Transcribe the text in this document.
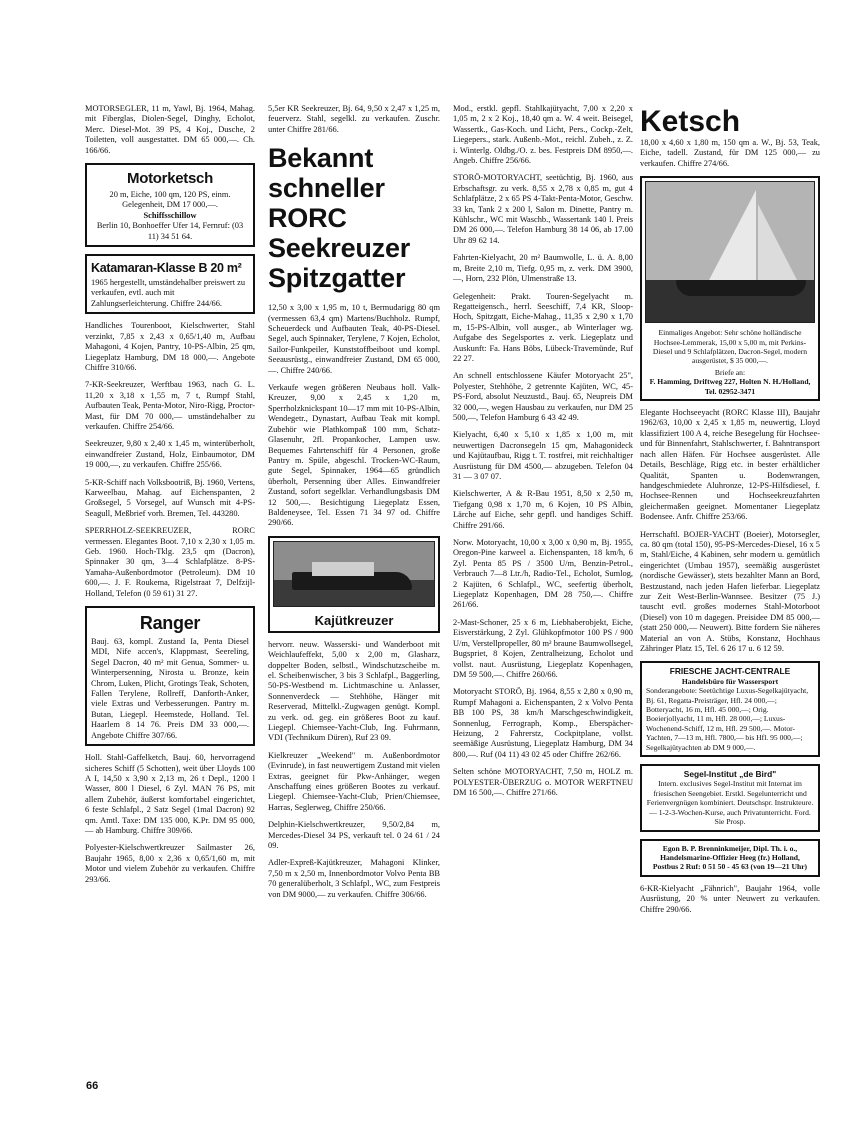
MOTORSEGLER, 11 m, Yawl, Bj. 1964, Mahag. mit Fiberglas, Diolen-Segel, Dinghy, Echolot, Merc. Diesel-Mot. 39 PS, 4 Koj., Dusche, 2 Toiletten, voll ausgestattet. DM 65 000,—. Ch. 166/66.

Motorketsch
20 m, Eiche, 100 qm, 120 PS, einm. Gelegenheit, DM 17 000,—.
Schiffsschillow
Berlin 10, Bonhoeffer Ufer 14, Fernruf: (03 11) 34 51 64.
Katamaran-Klasse B 20 m²
1965 hergestellt, umständehalber preiswert zu verkaufen, evtl. auch mit Zahlungserleichterung. Chiffre 244/66.

Handliches Tourenboot, Kielschwerter, Stahl verzinkt, 7,85 x 2,43 x 0,65/1,40 m, Aufbau Mahagoni, 4 Kojen, Pantry, 10-PS-Albin, 25 qm, Liegeplatz Hamburg, DM 18 000,—. Angebote Chiffre 310/66.

7-KR-Seekreuzer, Werftbau 1963, nach G. L. 11,20 x 3,18 x 1,55 m, 7 t, Rumpf Stahl, Aufbauten Teak, Penta-Motor, Niro-Rigg, Proctor-Mast, für DM 70 000,— umständehalber zu verkaufen. Chiffre 254/66.

Seekreuzer, 9,80 x 2,40 x 1,45 m, winterüberholt, einwandfreier Zustand, Holz, Einbaumotor, DM 19 000,—, zu verkaufen. Chiffre 255/66.

5-KR-Schiff nach Volksbootriß, Bj. 1960, Vertens, Karweelbau, Mahag. auf Eichenspanten, 2 Großsegel, 5 Vorsegel, auf Wunsch mit 4-PS-Seagull, Meßbrief vorh. Bremen, Tel. 443280.

SPERRHOLZ-SEEKREUZER, RORC vermessen. Elegantes Boot. 7,10 x 2,30 x 1,05 m. Geb. 1960. Hoch-Tklg. 23,5 qm (Dacron), Spinnaker 30 qm, 3—4 Schlafplätze. 8-PS-Yamaha-Außenbordmotor (Petroleum). DM 10 600,—. J. F. Roukema, Rigelstraat 7, Delfzijl-Holland, Telefon (0 59 61) 31 27.

Ranger
Bauj. 63, kompl. Zustand Ia, Penta Diesel MDI, Nife accen's, Klappmast, Seereling, Segel Dacron, 40 m² mit Genua, Sommer- u. Winterpersenning, Nirosta u. Bronze, kein Chrom, Luken, Plicht, Grotings Teak, Schoten, Fallen Terylene, Rollreff, Danforth-Anker, viele Extras und Verbesserungen. Pantry m. Butan, Liegepl. Heemstede, Holland. Tel. Haarlem 8 14 76. Preis DM 33 000,—. Angebote Chiffre 307/66.

Holl. Stahl-Gaffelketch, Bauj. 60, hervorragend sicheres Schiff (5 Schotten), weit über Lloyds 100 A I, 14,50 x 3,90 x 2,13 m, 26 t Depl., 1200 l Wasser, 800 l Diesel, 6 Zyl. MAN 76 PS, mit allem Zubehör, äußerst komfortabel eingerichtet, 6 feste Schlafpl., 2 Satz Segel (1mal Dacron) 92 qm. Amtl. Taxe: DM 135 000, K.Pr. DM 95 000,— ab Hamburg. Chiffre 309/66.

Polyester-Kielschwertkreuzer Sailmaster 26, Baujahr 1965, 8,00 x 2,36 x 0,65/1,60 m, mit Motor und vielem Zubehör zu verkaufen. Chiffre 293/66.

5,5er KR Seekreuzer, Bj. 64, 9,50 x 2,47 x 1,25 m, feuerverz. Stahl, segelkl. zu verkaufen. Zuschr. unter Chiffre 281/66.

Bekannt schneller RORC Seekreuzer Spitzgatter

12,50 x 3,00 x 1,95 m, 10 t, Bermudarigg 80 qm (vermessen 63,4 qm) Martens/Buchholz. Rumpf, Scheuerdeck und Aufbauten Teak, 40-PS-Diesel. Segel, auch Spinnaker, Terylene, 7 Kojen, Echolot, Sailor-Funkpeiler, Kunststoffbeiboot und kompl. Seeausrüstg., einwandfreier Zustand, DM 65 000,—. Chiffre 240/66.

Verkaufe wegen größeren Neubaus holl. Valk-Kreuzer, 9,00 x 2,45 x 1,20 m, Sperrholzknickspant 10—17 mm mit 10-PS-Albin, Wendegetr., Dynastart, Aufbau Teak mit kompl. Zubehör wie Plathkompaß 100 mm, Schatz-Glasenuhr, 2fl. Propankocher, Lampen usw. Bequemes Fahrtenschiff für 4 Personen, große Pantry m. Spüle, abgeschl. Trocken-WC-Raum, gute Segel, Spinnaker, 1964—65 gründlich überholt, Persenning über Alles. Einwandfreier Zustand, sofort segelklar. Verhandlungsbasis DM 12 500,—. Besichtigung Liegeplatz Essen, Baldeneysee, Tel. Essen 71 34 97 od. Chiffre 290/66.

Kajütkreuzer

hervorr. neuw. Wasserski- und Wanderboot mit Weichlaufeffekt, 5,00 x 2,00 m, Glasharz, doppelter Boden, selbstl., Windschutzscheibe m. el. Scheibenwischer, 3 bis 3 Schlafpl., Baggerling, 50-PS-Westbend m. Lichtmaschine u. Anlasser, Sonnenverdeck — Stehhöhe, Hänger mit Reserverad, Mittelkl.-Zugwagen genügt. Kompl. zu verk. od. geg. ein größeres Boot zu kauf. Liegepl. Chiemsee-Yacht-Club, Ing. Fuhrmann, VDI (Technikum Düren), Ruf 23 09.

Kielkreuzer „Weekend" m. Außenbordmotor (Evinrude), in fast neuwertigem Zustand mit vielen Extras, geeignet für Pkw-Anhänger, wegen Anschaffung eines größeren Bootes zu verkauf. Liegepl. Chiemsee-Yacht-Club, Prien/Chiemsee, Harras, Seglerweg, Chiffre 250/66.

Delphin-Kielschwertkreuzer, 9,50/2,84 m, Mercedes-Diesel 34 PS, verkauft tel. 0 24 61 / 24 09.

Adler-Expreß-Kajütkreuzer, Mahagoni Klinker, 7,50 m x 2,50 m, Innenbordmotor Volvo Penta BB 70 generalüberholt, 3 Schlafpl., WC, zum Festpreis von DM 9000,— zu verkaufen. Chiffre 306/66.

Mod., erstkl. gepfl. Stahlkajütyacht, 7,00 x 2,20 x 1,05 m, 2 x 2 Koj., 18,40 qm a. W. 4 weit. Beisegel, Wassertk., Gas-Koch. und Licht, Pers., Cockp.-Zelt, Liegepers., stark. Außenb.-Mot., reichl. Zubeh., z. Z. i. Winterlg. Oldbg./O. z. bes. Festpreis DM 8950,—. Angeb. Chiffre 256/66.

STORÖ-MOTORYACHT, seetüchtig, Bj. 1960, aus Erbschaftsgr. zu verk. 8,55 x 2,78 x 0,85 m, gut 4 Schlafplätze, 2 x 65 PS 4-Takt-Penta-Motor, Geschw. 33 kn, Tank 2 x 200 l, Salon m. Dinette, Pantry m. Kühlschr., WC mit Waschb., Wassertank 140 l. Preis DM 26 000,—. Telefon Hamburg 38 14 06, ab 17.00 Uhr 89 62 14.

Fahrten-Kielyacht, 20 m² Baumwolle, L. ü. A. 8,00 m, Breite 2,10 m, Tiefg. 0,95 m, z. verk. DM 3900,—, Horn, 232 Plön, Ulmenstraße 13.

Gelegenheit: Prakt. Touren-Segelyacht m. Regatteigensch., herrl. Seeschiff, 7,4 KR, Sloop-Hoch, Spitzgatt, Eiche-Mahag., 11,35 x 2,90 x 1,70 m, 15-PS-Albin, voll ausger., ab Winterlager wg. Aufgabe des Segelsportes z. verk. Liegeplatz und Auskunft: Fa. Hans Böbs, Lübeck-Travemünde, Ruf 22 27.

An schnell entschlossene Käufer Motoryacht 25", Polyester, Stehhöhe, 2 getrennte Kajüten, WC, 45-PS-Ford, absolut Neuzustd., Bauj. 65, Neupreis DM 32 000,—, wegen Hausbau zu verkaufen, nur DM 25 500,—, Telefon Hamburg 6 43 42 49.

Kielyacht, 6,40 x 5,10 x 1,85 x 1,00 m, mit neuwertigen Dacronsegeln 15 qm, Mahagonideck und Kajütaufbau, Rigg t. T. rostfrei, mit reichhaltiger Ausrüstung für DM 4500,— abzugeben. Telefon 04 31 — 3 07 07.

Kielschwerter, A & R-Bau 1951, 8,50 x 2,50 m, Tiefgang 0,98 x 1,70 m, 6 Kojen, 10 PS Albin, Lärche auf Eiche, sehr gepfl. und handiges Schiff. Chiffre 291/66.

Norw. Motoryacht, 10,00 x 3,00 x 0,90 m, Bj. 1955, Oregon-Pine karweel a. Eichenspanten, 18 km/h, 6 Zyl. Penta 85 PS / 3500 U/m, Benzin-Petrol., Verbrauch 7—8 Ltr./h, Radio-Tel., Echolot, Sumlog, 2 Kajüten, 6 Schlafpl., WC, seefertig überholt, Liegeplatz Kopenhagen, DM 28 750,—. Chiffre 261/66.

2-Mast-Schoner, 25 x 6 m, Liebhaberobjekt, Eiche, Eisverstärkung, 2 Zyl. Glühkopfmotor 100 PS / 900 U/m, Verstellpropeller, 80 m² braune Baumwollsegel, Bugspriet, 8 Kojen, Zentralheizung, Echolot und vollst. naut. Ausrüstung, Liegeplatz Kopenhagen, DM 59 500,—. Chiffre 260/66.

Motoryacht STORÖ, Bj. 1964, 8,55 x 2,80 x 0,90 m, Rumpf Mahagoni a. Eichenspanten, 2 x Volvo Penta BB 100 PS, 38 km/h Marschgeschwindigkeit, Sonnenlug, Ferrograph, Komp., Eberspächer-Heizung, 2 Fahrerstz, Cockpitplane, vollst. seemäßige Ausrüstung, Liegeplatz Hamburg, DM 34 800,—. Ruf (04 11) 43 02 45 oder Chiffre 262/66.

Selten schöne MOTORYACHT, 7,50 m, HOLZ m. POLYESTER-ÜBERZUG o. MOTOR WERFTNEU DM 16 500,—. Chiffre 271/66.

Ketsch

18,00 x 4,60 x 1,80 m, 150 qm a. W., Bj. 53, Teak, Eiche, tadell. Zustand, für DM 125 000,— zu verkaufen. Chiffre 274/66.

Einmaliges Angebot: Sehr schöne holländische Hochsee-Lemmerak, 15,00 x 5,00 m, mit Perkins-Diesel und 9 Schlafplätzen, Dacron-Segel, modern ausgerüstet, $ 35 000,—.
Briefe an:
F. Hamming, Driftweg 227, Holten N. H./Holland, Tel. 02952-3471

Elegante Hochseeyacht (RORC Klasse III), Baujahr 1962/63, 10,00 x 2,45 x 1,85 m, neuwertig, Lloyd klassifiziert 100 A 4, reiche Besegelung für Hochsee- und für Binnenfahrt, Stahlschwerter, f. Bahntransport nach allen Häfen. Für Hochsee ausgerüstet. Alle Details, Beschläge, Rigg etc. in bester erhältlicher Qualität, Spanten u. Bodenwrangen, handgeschmiedete Aluhronze, 12-PS-Hilfsdiesel, f. Hochsee-Rennen und Hochseekreuzfahrten gleichermaßen geeignet. Momentaner Liegeplatz Bodensee. Anfr. Chiffre 253/66.

Herrschaftl. BOJER-YACHT (Boeier), Motorsegler, ca. 80 qm (total 150), 95-PS-Mercedes-Diesel, 16 x 5 m, Stahl/Eiche, 4 Kabinen, sehr modern u. gemütlich eingerichtet (Umbau 1957), seemäßig ausgerüstet (nordische Gewässer), stets bezahlter Mann an Bord, Bestzustand, nach jeden Hafen lieferbar. Liegeplatz zur Zeit West-Berlin-Wannsee. Besitzer (75 J.) tauscht evtl. großes modernes Stahl-Motorboot (Diesel) von 10 m dagegen. Preisidee DM 85 000,— (statt 250 000,— Neuwert). Bitte fordern Sie näheres Material an von A. Stübs, Konstanz, Hochhaus Zähringer Platz 15, Tel. 6 26 17 u. 6 12 59.

FRIESCHE JACHT-CENTRALE
Handelsbüro für Wassersport
Sonderangebote: Seetüchtige Luxus-Segelkajütyacht, Bj. 61, Regatta-Preisträger, Hfl. 24 000,—; Botteryacht, 16 m, Hfl. 45 000,—; Orig. Boeierjollyacht, 11 m, Hfl. 28 000,—; Luxus-Wochenend-Schiff, 12 m, Hfl. 29 500,—. Motor-Yachten, 7—13 m, Hfl. 7800,— bis Hfl. 95 000,—; Segelkajütyachten ab DM 9 000,—.
Segel-Institut „de Bird"
Intern. exclusives Segel-Institut mit Internat im friesischen Seengebiet. Erstkl. Segelunterricht und Ferienvergnügen kombiniert. Deutschspr. Instrukteure. — 1-2-3-Wochen-Kurse, auch Privatunterricht. Ford. Sie Prosp.
Egon B. P. Brenninkmeijer, Dipl. Th. i. o., Handelsmarine-Offizier Heeg (fr.) Holland, Postbus 2 Ruf: 0 51 50 - 45 63 (von 19—21 Uhr)

6-KR-Kielyacht „Fähnrich", Baujahr 1964, volle Ausrüstung, 20 % unter Neuwert zu verkaufen. Chiffre 290/66.

66
